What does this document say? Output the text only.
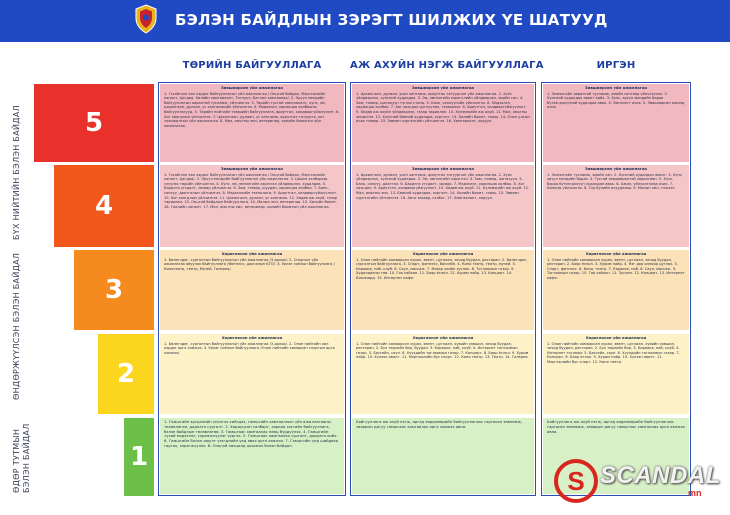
БЭЛЭН БАЙДЛЫН ЗЭРЭГТ ШИЛЖИХ ҮЕ ШАТУУД
ТӨРИЙН БАЙГУУЛЛАГА	АЖ АХУЙН НЭГЖ БАЙГУУЛЛАГА	ИРГЭН
БҮХ НИЙТИЙН БЭЛЭН БАЙДАЛ
ӨНДӨРЖҮҮЛСЭН БЭЛЭН БАЙДАЛ
ӨДӨР ТУТМЫН БЭЛЭН БАЙДАЛ
5
4
3
2
1
Зөвшөөрсөн үйл ажиллагаа
1. Гэсэйгээн хөл хэрдэг байгууллагын үйл ажиллагаа / Онцгой байдал, Мэргэжлийн хяналт, Цагдаа, Хилийн хамгаалалт, Тагнуул, Батлан хамгаалах/. 2. Эрүүл мэндийн байгууллагын яаралтай тусламж, үйлчилгээ. 3. Төрийн тусгай хамгаалалт, хүнс, эм, цахилгаан, дулаан, ус хангамжийн үйлчилгээ. 4. Мэдээлэл, харилцаа холбооны байгууллагууд. 5. Төрийн нийтийн тээврийн байгууллага, ариутгал, халдваргүйжүүлэлт. 6. Хог хаягдлын үйлчилгээ. 7. Цахилгаан, дулаан, ус хангамж, ариутгах татуурга, хот тохижилтын үйл ажиллагаа. 8. Мал, амьтны эмч, ветеринар, хилийн боомтын үйл ажиллагаа.
Зөвшөөрсөн үйл ажиллагаа
1. Гэсэйгээн хөл хэрдэг байгууллагын үйл ажиллагаа / Онцгой байдал, Мэргэжлийн хяналт, Цагдаа/. 2. Эрүүл мэндийн байгууллагын үйл ажиллагаа. 3. Цахим хэлбэрээр үзүүлэх төрийн үйлчилгээ. 4. Хүнс, эм, эмнэлгийн хэрэгсэл үйлдвэрлэл, худалдаа. 5. Барилга угсралт, засвар үйлчилгээ. 6. Зам, тээвэр, шуудан, харилцаа холбоо. 7. Банк, санхүү, даатгалын үйлчилгээ. 8. Мэдээллийн технологи. 9. Ариутгал, халдваргүйжүүлэлт. 10. Хог хаягдлын үйлчилгээ. 11. Цахилгаан, дулаан, ус хангамж. 12. Хөдөө аж ахуй, газар тариалан. 13. Онцгой байдлын байгууллага. 14. Малын эмч, ветеринар. 15. Хилийн боомт. 16. Гаалийн хяналт. 17. Мал, амьтны эмч, ветеринар, хилийн боомтын үйл ажиллагаа.
Хориглосон үйл ажиллагаа
1. Бөлөгчдөг, сургалтын байгууллагын үйл ажиллагаа /3 долоо/. 2. Спортын үйл ажиллагаа явуулах байгууллага /Фитнесс, дасгалын БТО/. 3. Урлаг соёлын байгууллага /Кинотеатр, театр, Музей, Галерея/.
Хориглосон үйл ажиллагаа
1. Бөлөгчдөг, сургалтын байгууллагын үйл ажиллагаа /3 долоо/. 2. Олон нийтийн хөл хэрдэг арга хэмжээ. 3. Урлаг соёлын байгууллага /Олон нийтийн хамарсан спортын арга хэмжээ/.
1. Гамшгийн эрсдэлийн үнэлгээ хийгдэх, гамшгийн хамгааллын үйл ажиллагааны төлөвлөгөө, дадлага сургалт. 2. Хариуцсан салбарт, харьяа хэсгийн байгууллага, бэлэн байдлын төлөвлөгөө. 3. Гамшгаас хамгаалах нөөц бүрдүүлэх. 4. Гамшгийн тухай мэдээлэл, сэрэмжлүүлэг хүргэх. 5. Гамшгаас хамгаалах сургалт, дадлага хийх. 6. Гамшгийн болон аюулт үзэгдлийн үед авах арга хэмжээ. 7. Гамшгийн үед шийдвэр гаргах, хэрэгжүүлэх. 8. Онцгой нөхцөлд шилжих бэлэн байдал.
Зөвшөөрсөн үйл ажиллагаа
1. Цахилгаан, дулаан, усан хангамж, ариутгах татуургын үйл ажиллагаа. 2. Хүнс үйлдвэрлэл, хүнсний худалдаа. 3. Эм, эмнэлгийн хэрэгслийн үйлдвэрлэл, эмийн сан. 4. Зам, тээвэр, шатахуун түгээх станц. 5. Банк, санхүүгийн үйлчилгээ. 6. Мэдээлэл, харилцаа холбоо. 7. Хог хаягдал цуглуулах, тээвэрлэх. 8. Ариутгал, халдваргүйжүүлэлт. 9. Хөдөө аж ахуйн үйлдвэрлэл, газар тариалан. 10. Хүлэмжийн аж ахуй. 11. Мал, амьтны эмчилгээ. 12. Хүнсний бөөний худалдаа, хүргэлт. 13. Хилийн боомт, гааль. 14. Олон улсын ачаа тээвэр. 15. Зөвхөн хүргэлтийн үйлчилгээ. 16. Хамгаалалт, харуул.
Зөвшөөрсөн үйл ажиллагаа
1. Цахилгаан, дулаан, усан хангамж, ариутгах татуургын үйл ажиллагаа. 2. Хүнс үйлдвэрлэл, хүнсний худалдаа. 3. Эм, эмнэлгийн хэрэгсэл. 4. Зам, тээвэр, шатахуун. 5. Банк, санхүү, даатгал. 6. Барилга угсралт, засвар. 7. Мэдээлэл, харилцаа холбоо. 8. Хог хаягдал. 9. Ариутгал, халдваргүйжүүлэлт. 10. Хөдөө аж ахуй. 11. Хүлэмжийн аж ахуй. 12. Мал, амьтны эмч. 13. Бөөний худалдаа, хүргэлт. 14. Хилийн боомт, гааль. 15. Зөвхөн хүргэлтийн үйлчилгээ. 16. Авто засвар, сэлбэг. 17. Хамгаалалт, харуул.
Хориглосон үйл ажиллагаа
1. Олон нийтийн хамаарсан хурал, эвент, цуглаан, зочид буудал, ресторан. 2. Бөлөгчдөг, сургалтын байгууллага. 3. Спорт, фитнесс, бассейн. 4. Кино театр, театр, музей. 5. Караоке, паб, клуб. 6. Саун, массаж. 7. Өсвөр үеийн зуслан. 8. Тоглоомын газар. 9. Худалдааны төв. 10. Гоо сайхан. 11. Баяр ёслол. 12. Хурим найр. 13. Концерт. 14. Биллиард. 15. Интернет кафе.
Хориглосон үйл ажиллагаа
1. Олон нийтийн хамаарсан хурал, эвент, цуглаан, хувийн хэвшил, зочид буудал, ресторан. 2. Бүх төрлийн бар, буудал. 3. Караоке, паб, клуб. 4. Интернет тоглоомын газар. 5. Бассейн, саун. 6. Хүүхдийн тоглоомын газар. 7. Концерт. 8. Баяр ёслол. 9. Хурим найр. 10. Хүлээн авалт. 11. Мэргэжлийн бус спорт. 12. Кино театр. 13. Театр. 14. Галерея.
Байгууллага аж ахуй нэгж, иргэд хөдөлмөрийн байгууллагаас гаргасан зөвлөмж, зааврын дагуу гамшгаас хамгаалах арга хэмжээ авна.
Зөвшөөрсөн үйл ажиллагаа
1. Эмнэлгийн яаралтай тусламж, эмийн сангаар үйлчлүүлэх. 2. Хүнсний худалдан авалт хийх. 3. Хүнс, эрүүл мэндийн бараа бүтээгдэхүүний худалдаа авах. 4. Эмнэлэгт очих. 5. Зөвшөөрсөн ажилд очих.
Зөвшөөрсөн үйл ажиллагаа
1. Эмнэлгийн тусламж, эмийн сан. 2. Хүнсний худалдан авалт. 3. Хүнс, эрүүл мэндийн бараа. 4. Тусгай зөвшөөрөлтэй хөдөлгөөн. 5. Хүнс, бараа бүтээгдэхүүн худалдан авах. 6. Ажил, үйлчилгээнд очих. 7. Банкны үйлчилгээ. 8. Гэр бүлийн асуудлаар. 9. Малын эмч, тэжээл.
Хориглосон үйл ажиллагаа
1. Олон нийтийн хамаарсан хурал, эвент, цуглаан, зочид буудал, ресторан. 2. Баяр ёслол. 3. Хурим найр. 4. Нэг дор олноор цуглах. 5. Спорт, фитнесс. 6. Кино, театр. 7. Караоке, паб. 8. Саун, массаж. 9. Тоглоомын газар. 10. Гоо сайхан. 11. Зуслан. 12. Концерт. 13. Интернет кафе.
Хориглосон үйл ажиллагаа
1. Олон нийтийн хамаарсан хурал, эвент, цуглаан, хувийн хэвшил, зочид буудал, ресторан. 2. Бүх төрлийн бар. 3. Караоке, паб, клуб. 4. Интернет тоглоом. 5. Бассейн, саун. 6. Хүүхдийн тоглоомын газар. 7. Концерт. 8. Баяр ёслол. 9. Хурим найр. 10. Хүлээн авалт. 11. Мэргэжлийн бус спорт. 12. Кино театр.
Байгууллага аж ахуй нэгж, иргэд хөдөлмөрийн байгууллагаас гаргасан зөвлөмж, зааврын дагуу гамшгаас хамгаалах арга хэмжээ авна.
S SCANDAL
mn
